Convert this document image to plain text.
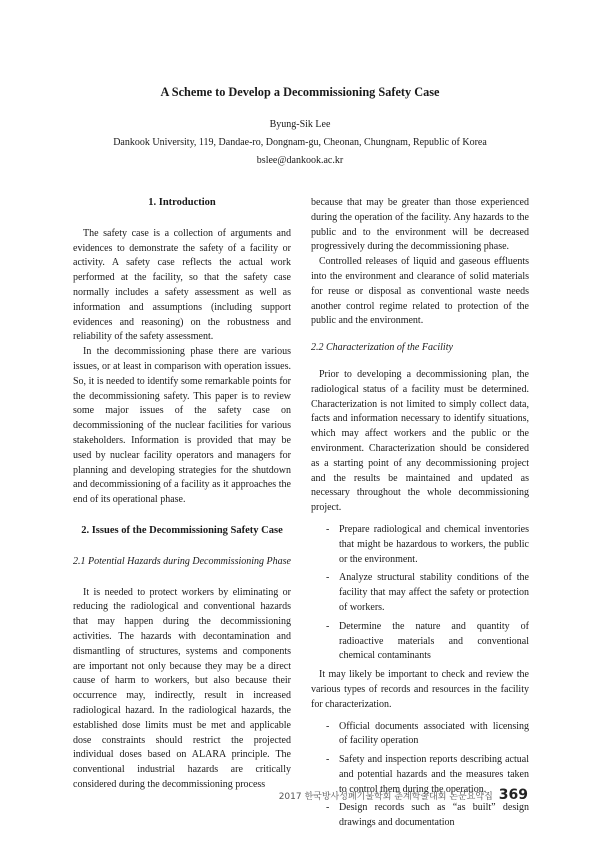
A Scheme to Develop a Decommissioning Safety Case
Byung-Sik Lee
Dankook University, 119, Dandae-ro, Dongnam-gu, Cheonan, Chungnam, Republic of Korea
bslee@dankook.ac.kr

1. Introduction

The safety case is a collection of arguments and evidences to demonstrate the safety of a facility or activity. A safety case reflects the actual work performed at the facility, so that the safety case normally includes a safety assessment as well as information and assumptions (including support evidences and reasoning) on the robustness and reliability of the safety assessment.

In the decommissioning phase there are various issues, or at least in comparison with operation issues. So, it is needed to identify some remarkable points for the decommissioning safety. This paper is to review some major issues of the safety case on decommissioning of the nuclear facilities for various stakeholders. Information is provided that may be used by nuclear facility operators and managers for planning and developing strategies for the shutdown and decommissioning of a facility as it approaches the end of its operational phase.

2. Issues of the Decommissioning Safety Case

2.1 Potential Hazards during Decommissioning Phase

It is needed to protect workers by eliminating or reducing the radiological and conventional hazards that may happen during the decommissioning activities. The hazards with decontamination and dismantling of structures, systems and components are important not only because they may be a direct cause of harm to workers, but also because their occurrence may, indirectly, result in increased radiological hazard. In the radiological hazards, the established dose limits must be met and applicable dose constraints should restrict the projected individual doses based on ALARA principle. The conventional industrial hazards are critically considered during the decommissioning process

because that may be greater than those experienced during the operation of the facility. Any hazards to the public and to the environment will be decreased progressively during the decommissioning phase.

Controlled releases of liquid and gaseous effluents into the environment and clearance of solid materials for reuse or disposal as conventional waste needs another control regime related to protection of the public and the environment.

2.2 Characterization of the Facility

Prior to developing a decommissioning plan, the radiological status of a facility must be determined. Characterization is not limited to simply collect data, facts and information necessary to identify situations, which may affect workers and the public or the environment. Characterization should be considered as a starting point of any decommissioning project and the results be maintained and updated as necessary throughout the whole decommissioning project.

- Prepare radiological and chemical inventories that might be hazardous to workers, the public or the environment.
- Analyze structural stability conditions of the facility that may affect the safety or protection of workers.
- Determine the nature and quantity of radioactive materials and conventional chemical contaminants

It may likely be important to check and review the various types of records and resources in the facility for characterization.

- Official documents associated with licensing of facility operation
- Safety and inspection reports describing actual and potential hazards and the measures taken to control them during the operation.
- Design records such as “as built” design drawings and documentation
2017 한국방사성폐기물학회 춘계학술대회 논문요약집 369
